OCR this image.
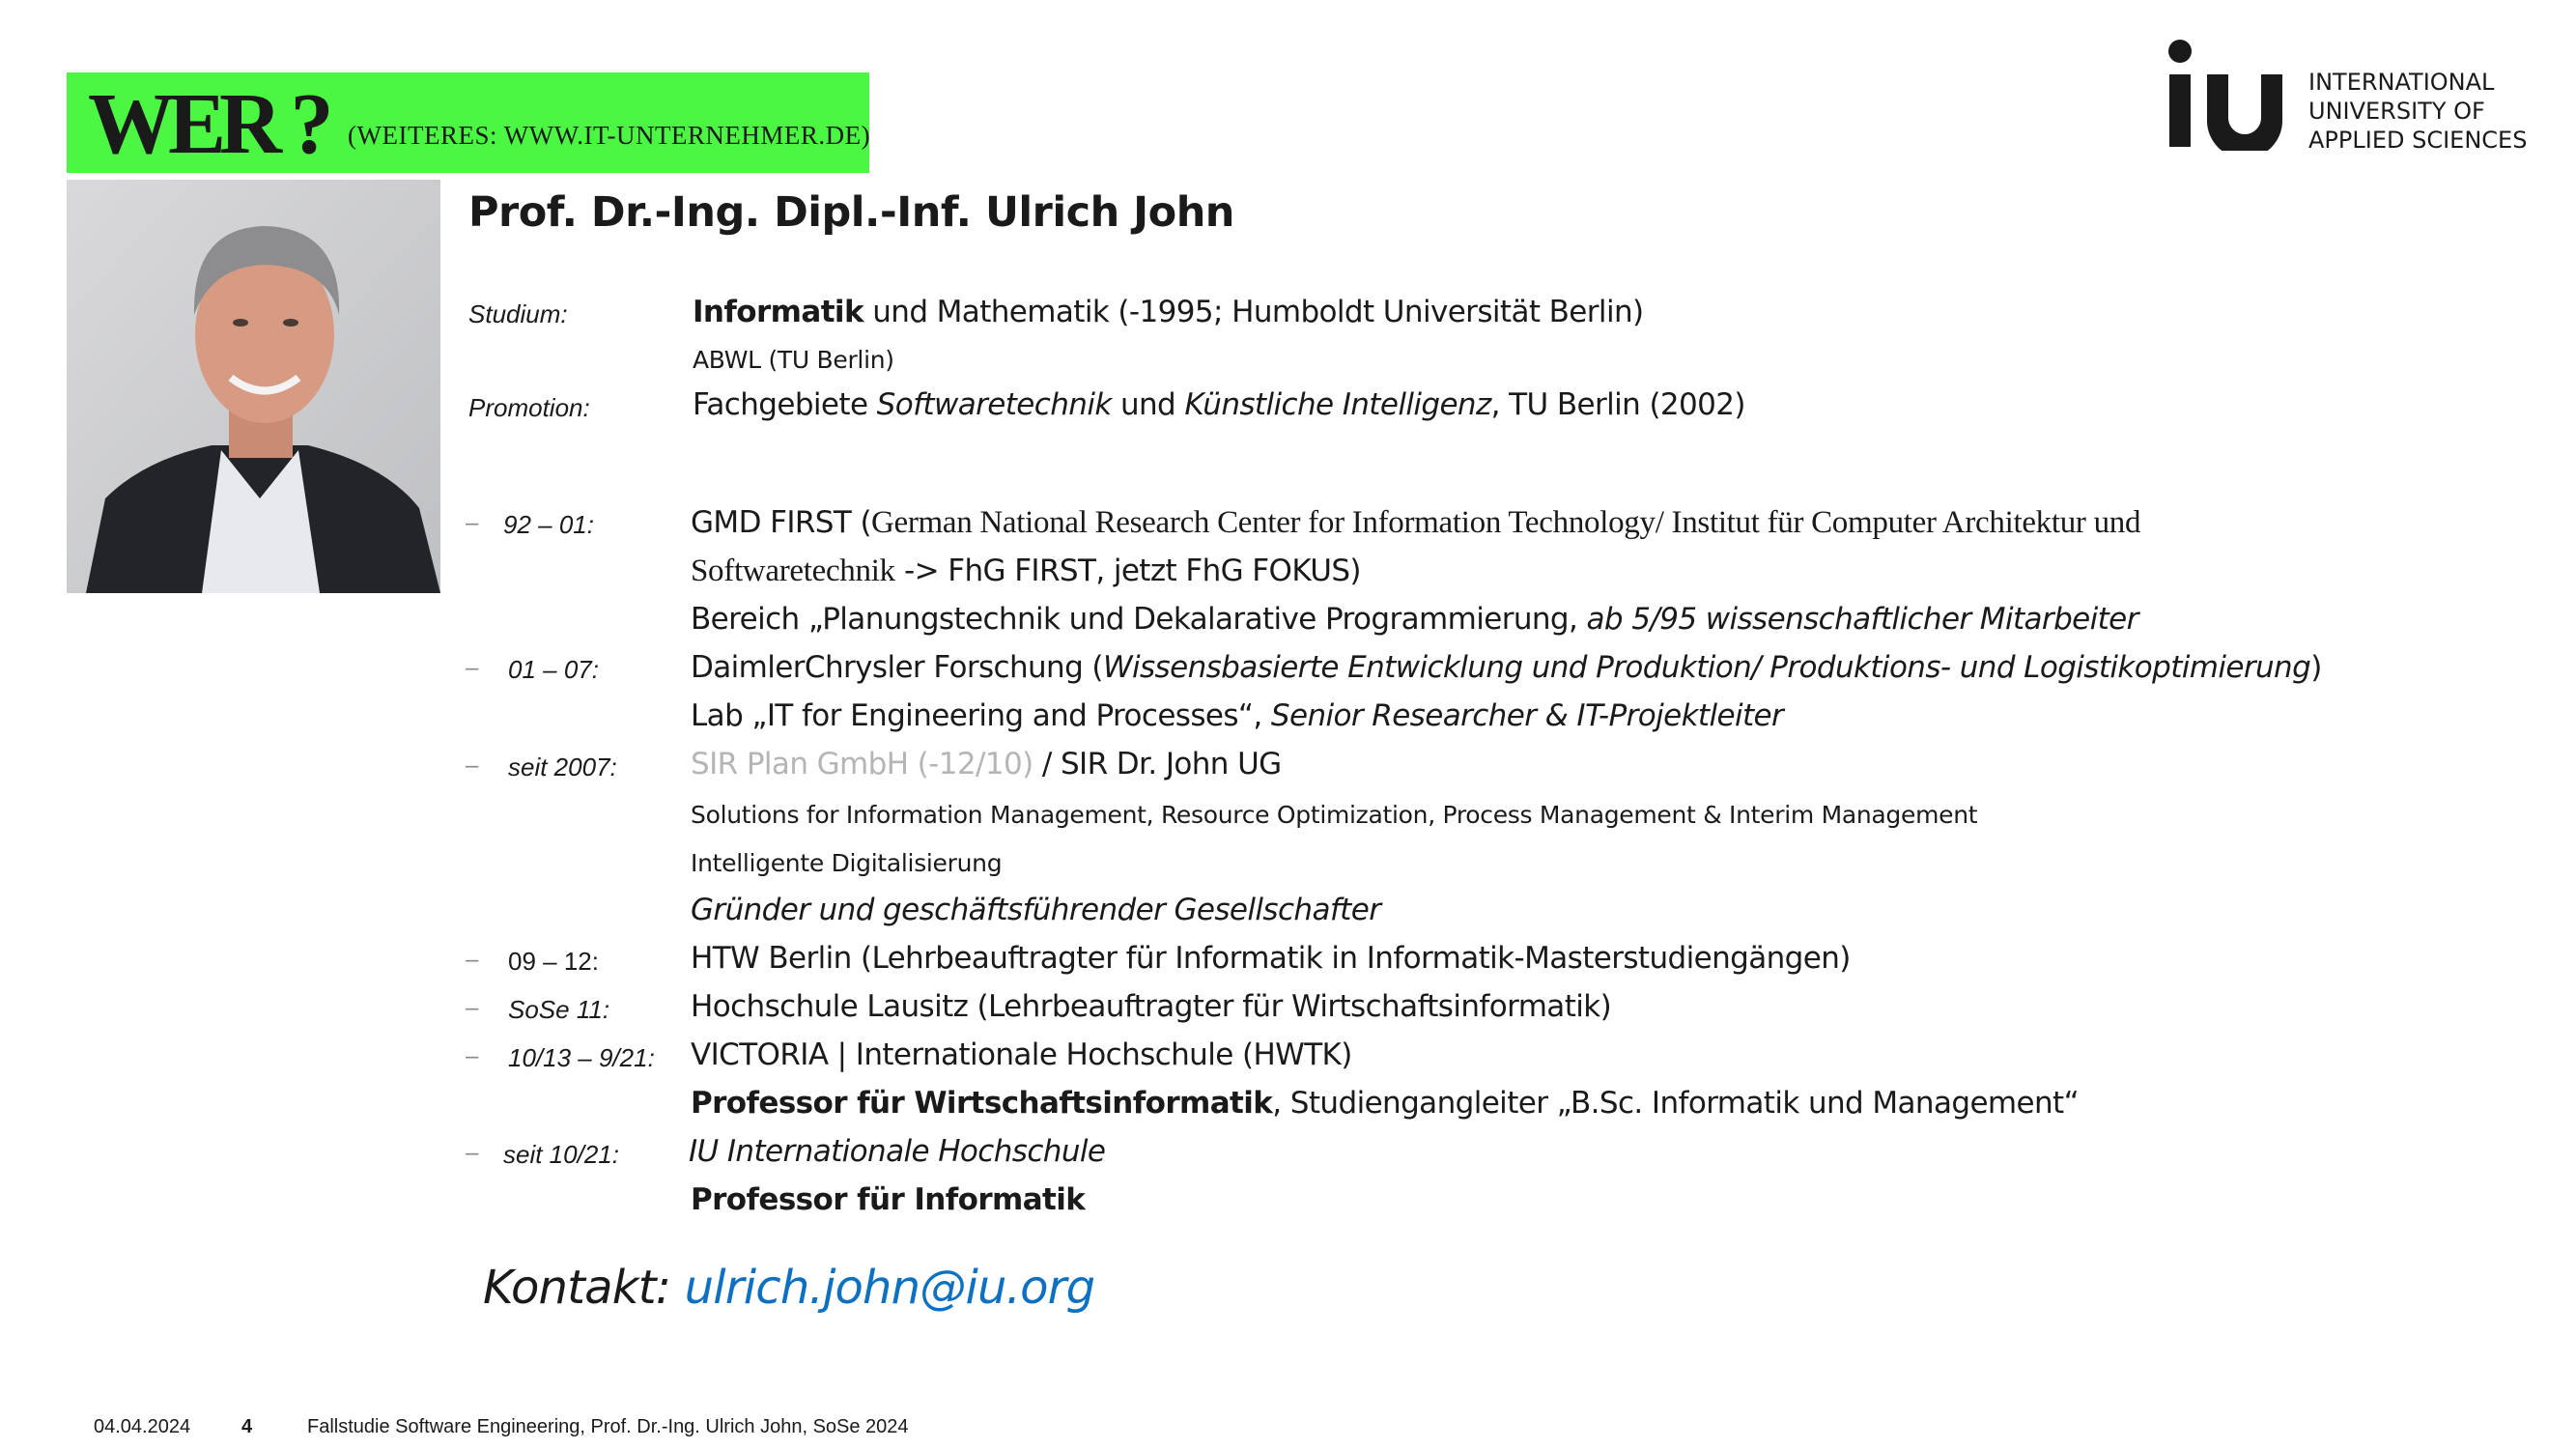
WER ? (WEITERES: WWW.IT-UNTERNEHMER.DE)
INTERNATIONAL
UNIVERSITY OF
APPLIED SCIENCES
Prof. Dr.-Ing. Dipl.-Inf. Ulrich John
Studium:	Informatik und Mathematik (-1995; Humboldt Universität Berlin)
ABWL (TU Berlin)
Promotion:	Fachgebiete Softwaretechnik und Künstliche Intelligenz, TU Berlin (2002)
– 92 – 01:	GMD FIRST (German National Research Center for Information Technology/ Institut für Computer Architektur und
Softwaretechnik -> FhG FIRST, jetzt FhG FOKUS)
Bereich „Planungstechnik und Dekalarative Programmierung, ab 5/95 wissenschaftlicher Mitarbeiter
– 01 – 07:	DaimlerChrysler Forschung (Wissensbasierte Entwicklung und Produktion/ Produktions- und Logistikoptimierung)
Lab „IT for Engineering and Processes“, Senior Researcher & IT-Projektleiter
– seit 2007: SIR Plan GmbH (-12/10) / SIR Dr. John UG
Solutions for Information Management, Resource Optimization, Process Management & Interim Management
Intelligente Digitalisierung
Gründer und geschäftsführender Gesellschafter
– 09 – 12:	HTW Berlin (Lehrbeauftragter für Informatik in Informatik-Masterstudiengängen)
– SoSe 11:	Hochschule Lausitz (Lehrbeauftragter für Wirtschaftsinformatik)
– 10/13 – 9/21: VICTORIA | Internationale Hochschule (HWTK)
Professor für Wirtschaftsinformatik, Studiengangleiter „B.Sc. Informatik und Management“
– seit 10/21: IU Internationale Hochschule
Professor für Informatik
Kontakt: ulrich.john@iu.org
04.04.2024	4	Fallstudie Software Engineering, Prof. Dr.-Ing. Ulrich John, SoSe 2024
